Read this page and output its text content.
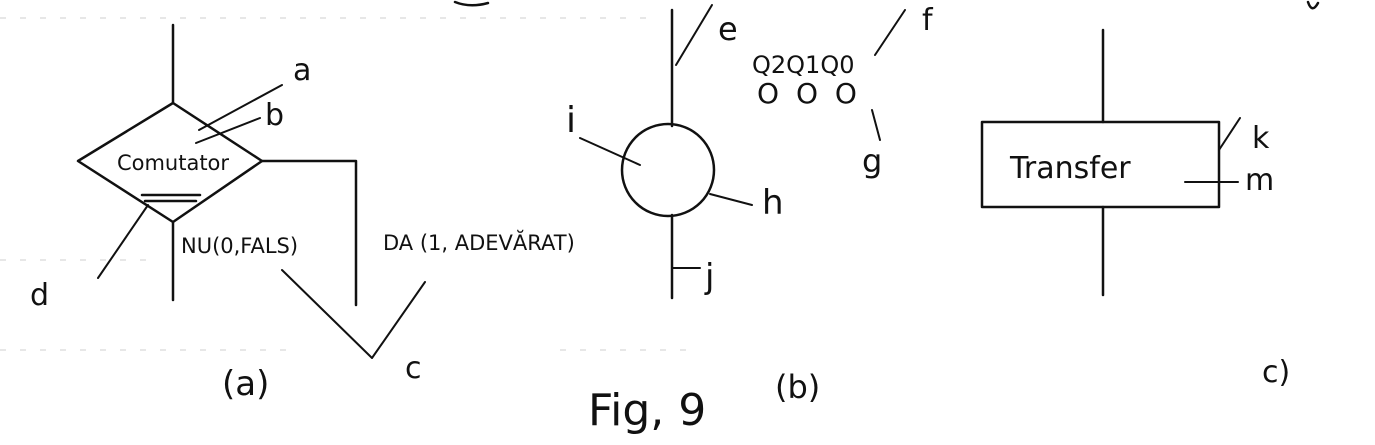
Comutator
NU(0,FALS)	DA (1, ADEVĂRAT)
a
b
c
d
(a)
e
Q2Q1Q0
O O O
f
g
i
h
j
(b)
Fig, 9
Transfer
k
m
c)
